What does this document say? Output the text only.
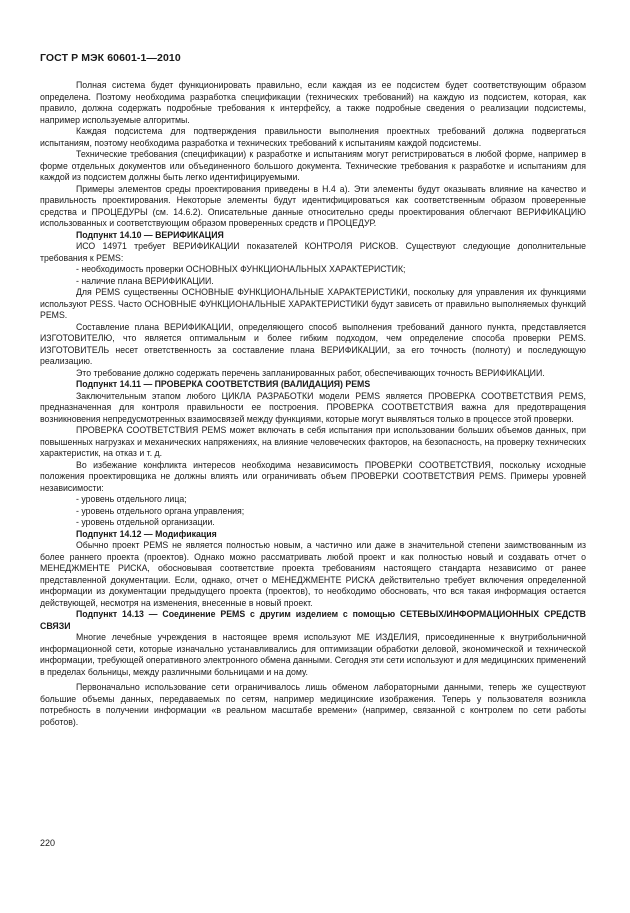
ГОСТ Р МЭК 60601-1—2010

Полная система будет функционировать правильно, если каждая из ее подсистем будет соответствующим образом определена. Поэтому необходима разработка спецификации (технических требований) на каждую из подсистем, которая, как правило, должна содержать подробные требования к интерфейсу, а также подробные сведения о реализации подсистемы, например используемые алгоритмы.

Каждая подсистема для подтверждения правильности выполнения проектных требований должна подвергаться испытаниям, поэтому необходима разработка и технических требований к испытаниям каждой подсистемы.

Технические требования (спецификации) к разработке и испытаниям могут регистрироваться в любой форме, например в форме отдельных документов или объединенного большого документа. Технические требования к разработке и испытаниям для каждой из подсистем должны быть легко идентифицируемыми.

Примеры элементов среды проектирования приведены в Н.4 а). Эти элементы будут оказывать влияние на качество и правильность проектирования. Некоторые элементы будут идентифицироваться как соответственным образом проверенные средства и ПРОЦЕДУРЫ (см. 14.6.2). Описательные данные относительно среды проектирования облегчают ВЕРИФИКАЦИЮ использованных и соответствующим образом проверенных средств и ПРОЦЕДУР.

Подпункт 14.10 — ВЕРИФИКАЦИЯ

ИСО 14971 требует ВЕРИФИКАЦИИ показателей КОНТРОЛЯ РИСКОВ. Существуют следующие дополнительные требования к PEMS:

- необходимость проверки ОСНОВНЫХ ФУНКЦИОНАЛЬНЫХ ХАРАКТЕРИСТИК;

- наличие плана ВЕРИФИКАЦИИ.

Для PEMS существенны ОСНОВНЫЕ ФУНКЦИОНАЛЬНЫЕ ХАРАКТЕРИСТИКИ, поскольку для управления их функциями используют PESS. Часто ОСНОВНЫЕ ФУНКЦИОНАЛЬНЫЕ ХАРАКТЕРИСТИКИ будут зависеть от правильно выполняемых функций PEMS.

Составление плана ВЕРИФИКАЦИИ, определяющего способ выполнения требований данного пункта, представляется ИЗГОТОВИТЕЛЮ, что является оптимальным и более гибким подходом, чем определение способа проверки PEMS. ИЗГОТОВИТЕЛЬ несет ответственность за составление плана ВЕРИФИКАЦИИ, за его точность (полноту) и последующую реализацию.

Это требование должно содержать перечень запланированных работ, обеспечивающих точность ВЕРИФИКАЦИИ.

Подпункт 14.11 — ПРОВЕРКА СООТВЕТСТВИЯ (ВАЛИДАЦИЯ) PEMS

Заключительным этапом любого ЦИКЛА РАЗРАБОТКИ модели PEMS является ПРОВЕРКА СООТВЕТСТВИЯ PEMS, предназначенная для контроля правильности ее построения. ПРОВЕРКА СООТВЕТСТВИЯ важна для предотвращения возникновения непредусмотренных взаимосвязей между функциями, которые могут выявляться только в процессе этой проверки.

ПРОВЕРКА СООТВЕТСТВИЯ PEMS может включать в себя испытания при использовании больших объемов данных, при повышенных нагрузках и механических напряжениях, на влияние человеческих факторов, на безопасность, на проверку технических характеристик, на отказ и т. д.

Во избежание конфликта интересов необходима независимость ПРОВЕРКИ СООТВЕТСТВИЯ, поскольку исходные положения проектировщика не должны влиять или ограничивать объем ПРОВЕРКИ СООТВЕТСТВИЯ PEMS. Примеры уровней независимости:

- уровень отдельного лица;

- уровень отдельного органа управления;

- уровень отдельной организации.

Подпункт 14.12 — Модификация

Обычно проект PEMS не является полностью новым, а частично или даже в значительной степени заимствованным из более раннего проекта (проектов). Однако можно рассматривать любой проект и как полностью новый и создавать отчет о МЕНЕДЖМЕНТЕ РИСКА, обосновывая соответствие проекта требованиям настоящего стандарта независимо от ранее представленной документации. Если, однако, отчет о МЕНЕДЖМЕНТЕ РИСКА действительно требует включения определенной информации из документации предыдущего проекта (проектов), то необходимо обосновать, что вся такая информация остается действующей, несмотря на изменения, внесенные в новый проект.

Подпункт 14.13 — Соединение PEMS с другим изделием с помощью СЕТЕВЫХ/ИНФОРМАЦИОННЫХ СРЕДСТВ СВЯЗИ

Многие лечебные учреждения в настоящее время используют МЕ ИЗДЕЛИЯ, присоединенные к внутрибольничной информационной сети, которые изначально устанавливались для оптимизации обработки деловой, экономической и технической информации, требующей оперативного электронного обмена данными. Сегодня эти сети используют и для медицинских применений в пределах больницы, между различными больницами и на дому.

Первоначально использование сети ограничивалось лишь обменом лабораторными данными, теперь же существуют большие объемы данных, передаваемых по сетям, например медицинские изображения. Теперь у пользователя возникла потребность в получении информации «в реальном масштабе времени» (например, связанной с контролем по сети работы роботов).

220
